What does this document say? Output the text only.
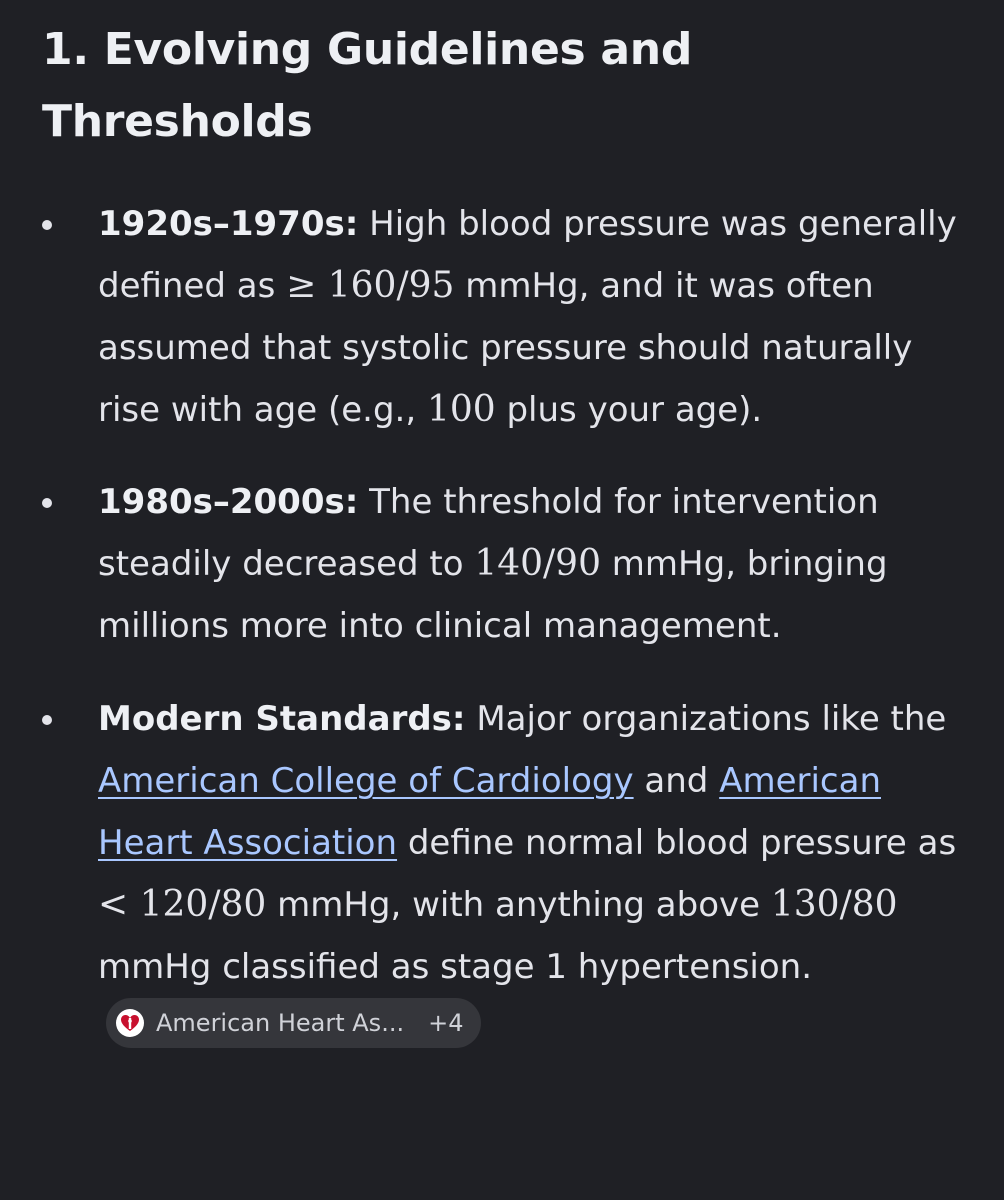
1. Evolving Guidelines and Thresholds
1920s–1970s: High blood pressure was generally defined as ≥ 160/95 mmHg, and it was often assumed that systolic pressure should naturally rise with age (e.g., 100 plus your age).
1980s–2000s: The threshold for intervention steadily decreased to 140/90 mmHg, bringing millions more into clinical management.
Modern Standards: Major organizations like the American College of Cardiology and American Heart Association define normal blood pressure as < 120/80 mmHg, with anything above 130/80 mmHg classified as stage 1 hypertension.
American Heart As... +4
